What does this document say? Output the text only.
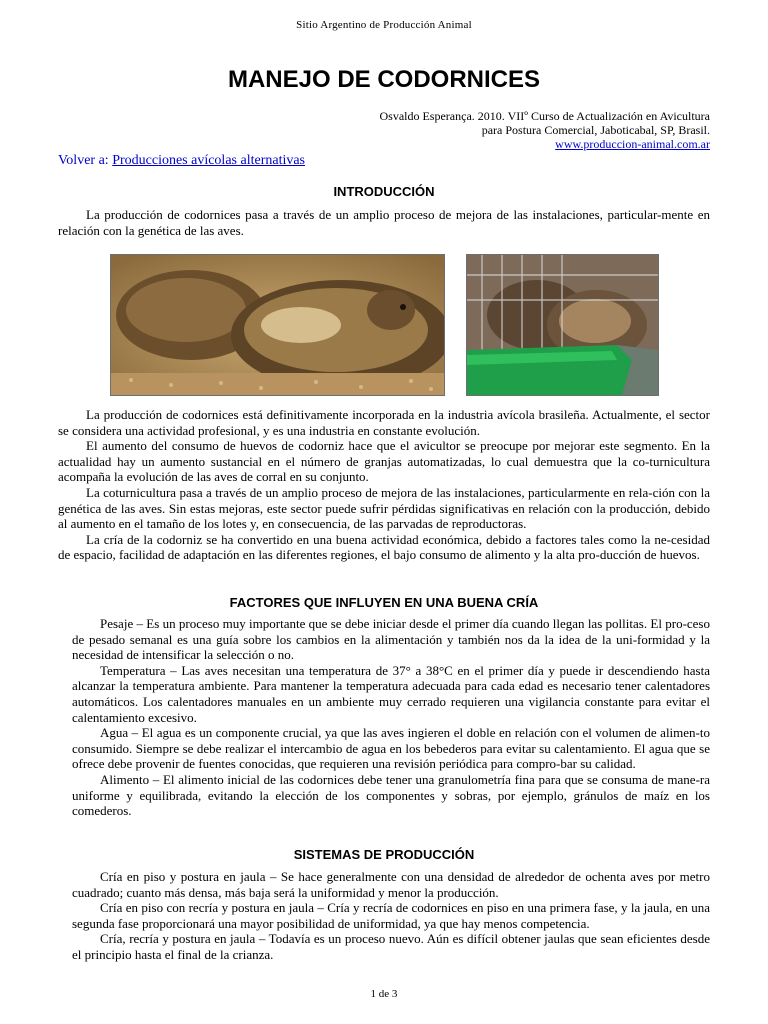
Sitio Argentino de Producción Animal
MANEJO DE CODORNICES
Osvaldo Esperança. 2010. VIIº Curso de Actualización en Avicultura
para Postura Comercial, Jaboticabal, SP, Brasil.
www.produccion-animal.com.ar
Volver a: Producciones avícolas alternativas
INTRODUCCIÓN

La producción de codornices pasa a través de un amplio proceso de mejora de las instalaciones, particular-mente en relación con la genética de las aves.

La producción de codornices está definitivamente incorporada en la industria avícola brasileña. Actualmente, el sector se considera una actividad profesional, y es una industria en constante evolución.

El aumento del consumo de huevos de codorniz hace que el avicultor se preocupe por mejorar este segmento. En la actualidad hay un aumento sustancial en el número de granjas automatizadas, lo cual demuestra que la co-turnicultura acompaña la evolución de las aves de corral en su conjunto.

La coturnicultura pasa a través de un amplio proceso de mejora de las instalaciones, particularmente en rela-ción con la genética de las aves. Sin estas mejoras, este sector puede sufrir pérdidas significativas en relación con la producción, debido al aumento en el tamaño de los lotes y, en consecuencia, de las parvadas de reproductoras.

La cría de la codorniz se ha convertido en una buena actividad económica, debido a factores tales como la ne-cesidad de espacio, facilidad de adaptación en las diferentes regiones, el bajo consumo de alimento y la alta pro-ducción de huevos.

FACTORES QUE INFLUYEN EN UNA BUENA CRÍA

Pesaje – Es un proceso muy importante que se debe iniciar desde el primer día cuando llegan las pollitas. El pro-ceso de pesado semanal es una guía sobre los cambios en la alimentación y también nos da la idea de la uni-formidad y la necesidad de intensificar la selección o no.

Temperatura – Las aves necesitan una temperatura de 37° a 38°C en el primer día y puede ir descendiendo hasta alcanzar la temperatura ambiente. Para mantener la temperatura adecuada para cada edad es necesario tener calentadores automáticos. Los calentadores manuales en un ambiente muy cerrado requieren una vigilancia constante para evitar el calentamiento excesivo.

Agua – El agua es un componente crucial, ya que las aves ingieren el doble en relación con el volumen de alimen-to consumido. Siempre se debe realizar el intercambio de agua en los bebederos para evitar su calentamiento. El agua que se ofrece debe provenir de fuentes conocidas, que requieren una revisión periódica para compro-bar su calidad.

Alimento – El alimento inicial de las codornices debe tener una granulometría fina para que se consuma de mane-ra uniforme y equilibrada, evitando la elección de los componentes y sobras, por ejemplo, gránulos de maíz en los comederos.

SISTEMAS DE PRODUCCIÓN

Cría en piso y postura en jaula – Se hace generalmente con una densidad de alrededor de ochenta aves por metro cuadrado; cuanto más densa, más baja será la uniformidad y menor la producción.

Cría en piso con recría y postura en jaula – Cría y recría de codornices en piso en una primera fase, y la jaula, en una segunda fase proporcionará una mayor posibilidad de uniformidad, ya que hay menos competencia.

Cría, recría y postura en jaula – Todavía es un proceso nuevo. Aún es difícil obtener jaulas que sean eficientes desde el principio hasta el final de la crianza.

1 de 3
